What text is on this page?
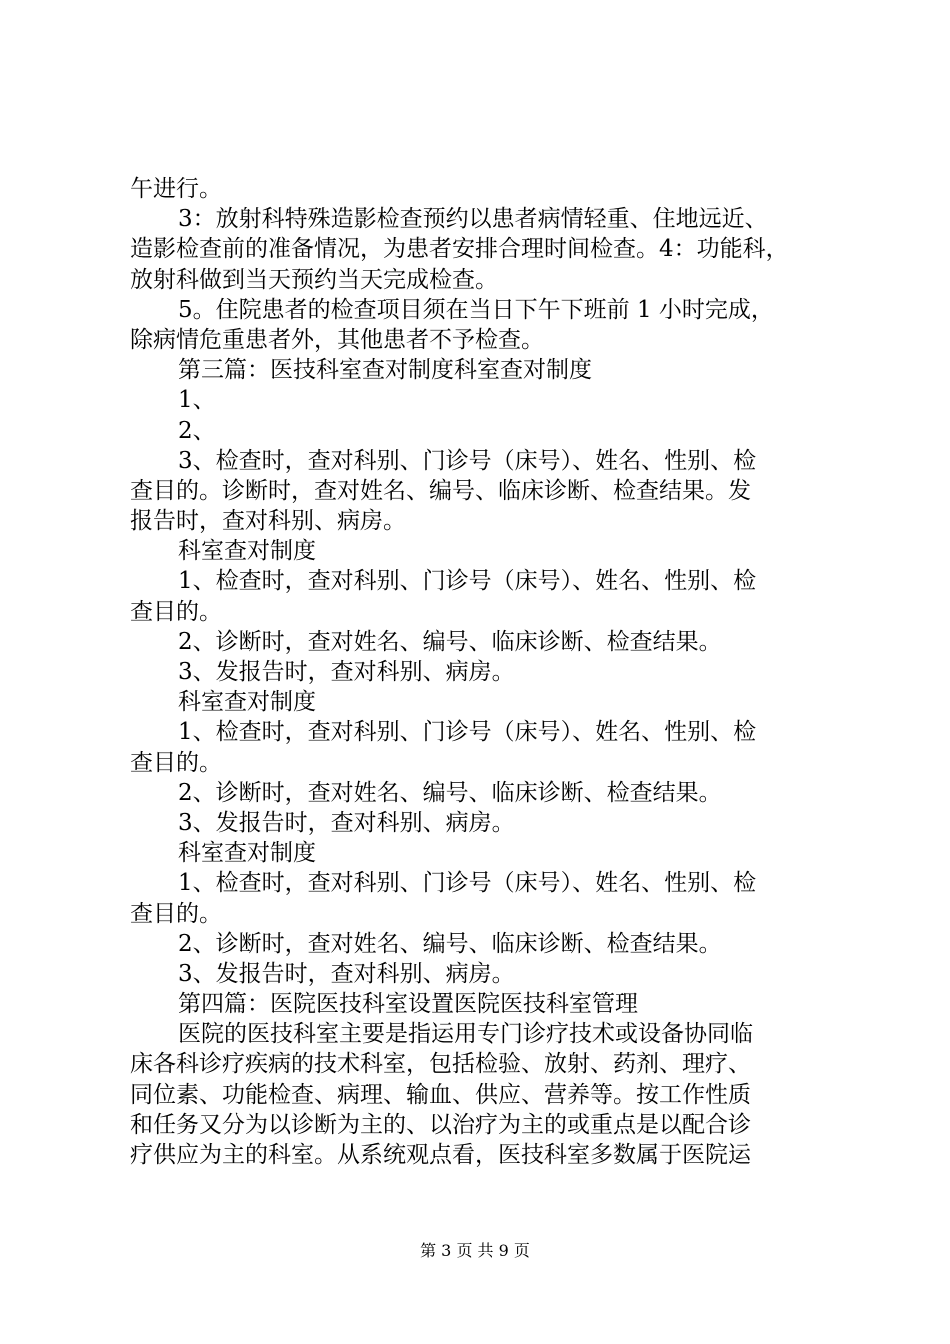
午进行。
3：放射科特殊造影检查预约以患者病情轻重、住地远近、
造影检查前的准备情况，为患者安排合理时间检查。4：功能科，
放射科做到当天预约当天完成检查。
5。住院患者的检查项目须在当日下午下班前 1 小时完成，
除病情危重患者外，其他患者不予检查。
第三篇：医技科室查对制度科室查对制度
1、
2、
3、检查时，查对科别、门诊号（床号）、姓名、性别、检
查目的。诊断时，查对姓名、编号、临床诊断、检查结果。发
报告时，查对科别、病房。
科室查对制度
1、检查时，查对科别、门诊号（床号）、姓名、性别、检
查目的。
2、诊断时，查对姓名、编号、临床诊断、检查结果。
3、发报告时，查对科别、病房。
科室查对制度
1、检查时，查对科别、门诊号（床号）、姓名、性别、检
查目的。
2、诊断时，查对姓名、编号、临床诊断、检查结果。
3、发报告时，查对科别、病房。
科室查对制度
1、检查时，查对科别、门诊号（床号）、姓名、性别、检
查目的。
2、诊断时，查对姓名、编号、临床诊断、检查结果。
3、发报告时，查对科别、病房。
第四篇：医院医技科室设置医院医技科室管理
医院的医技科室主要是指运用专门诊疗技术或设备协同临
床各科诊疗疾病的技术科室，包括检验、放射、药剂、理疗、
同位素、功能检查、病理、输血、供应、营养等。按工作性质
和任务又分为以诊断为主的、以治疗为主的或重点是以配合诊
疗供应为主的科室。从系统观点看，医技科室多数属于医院运
第 3 页 共 9 页
